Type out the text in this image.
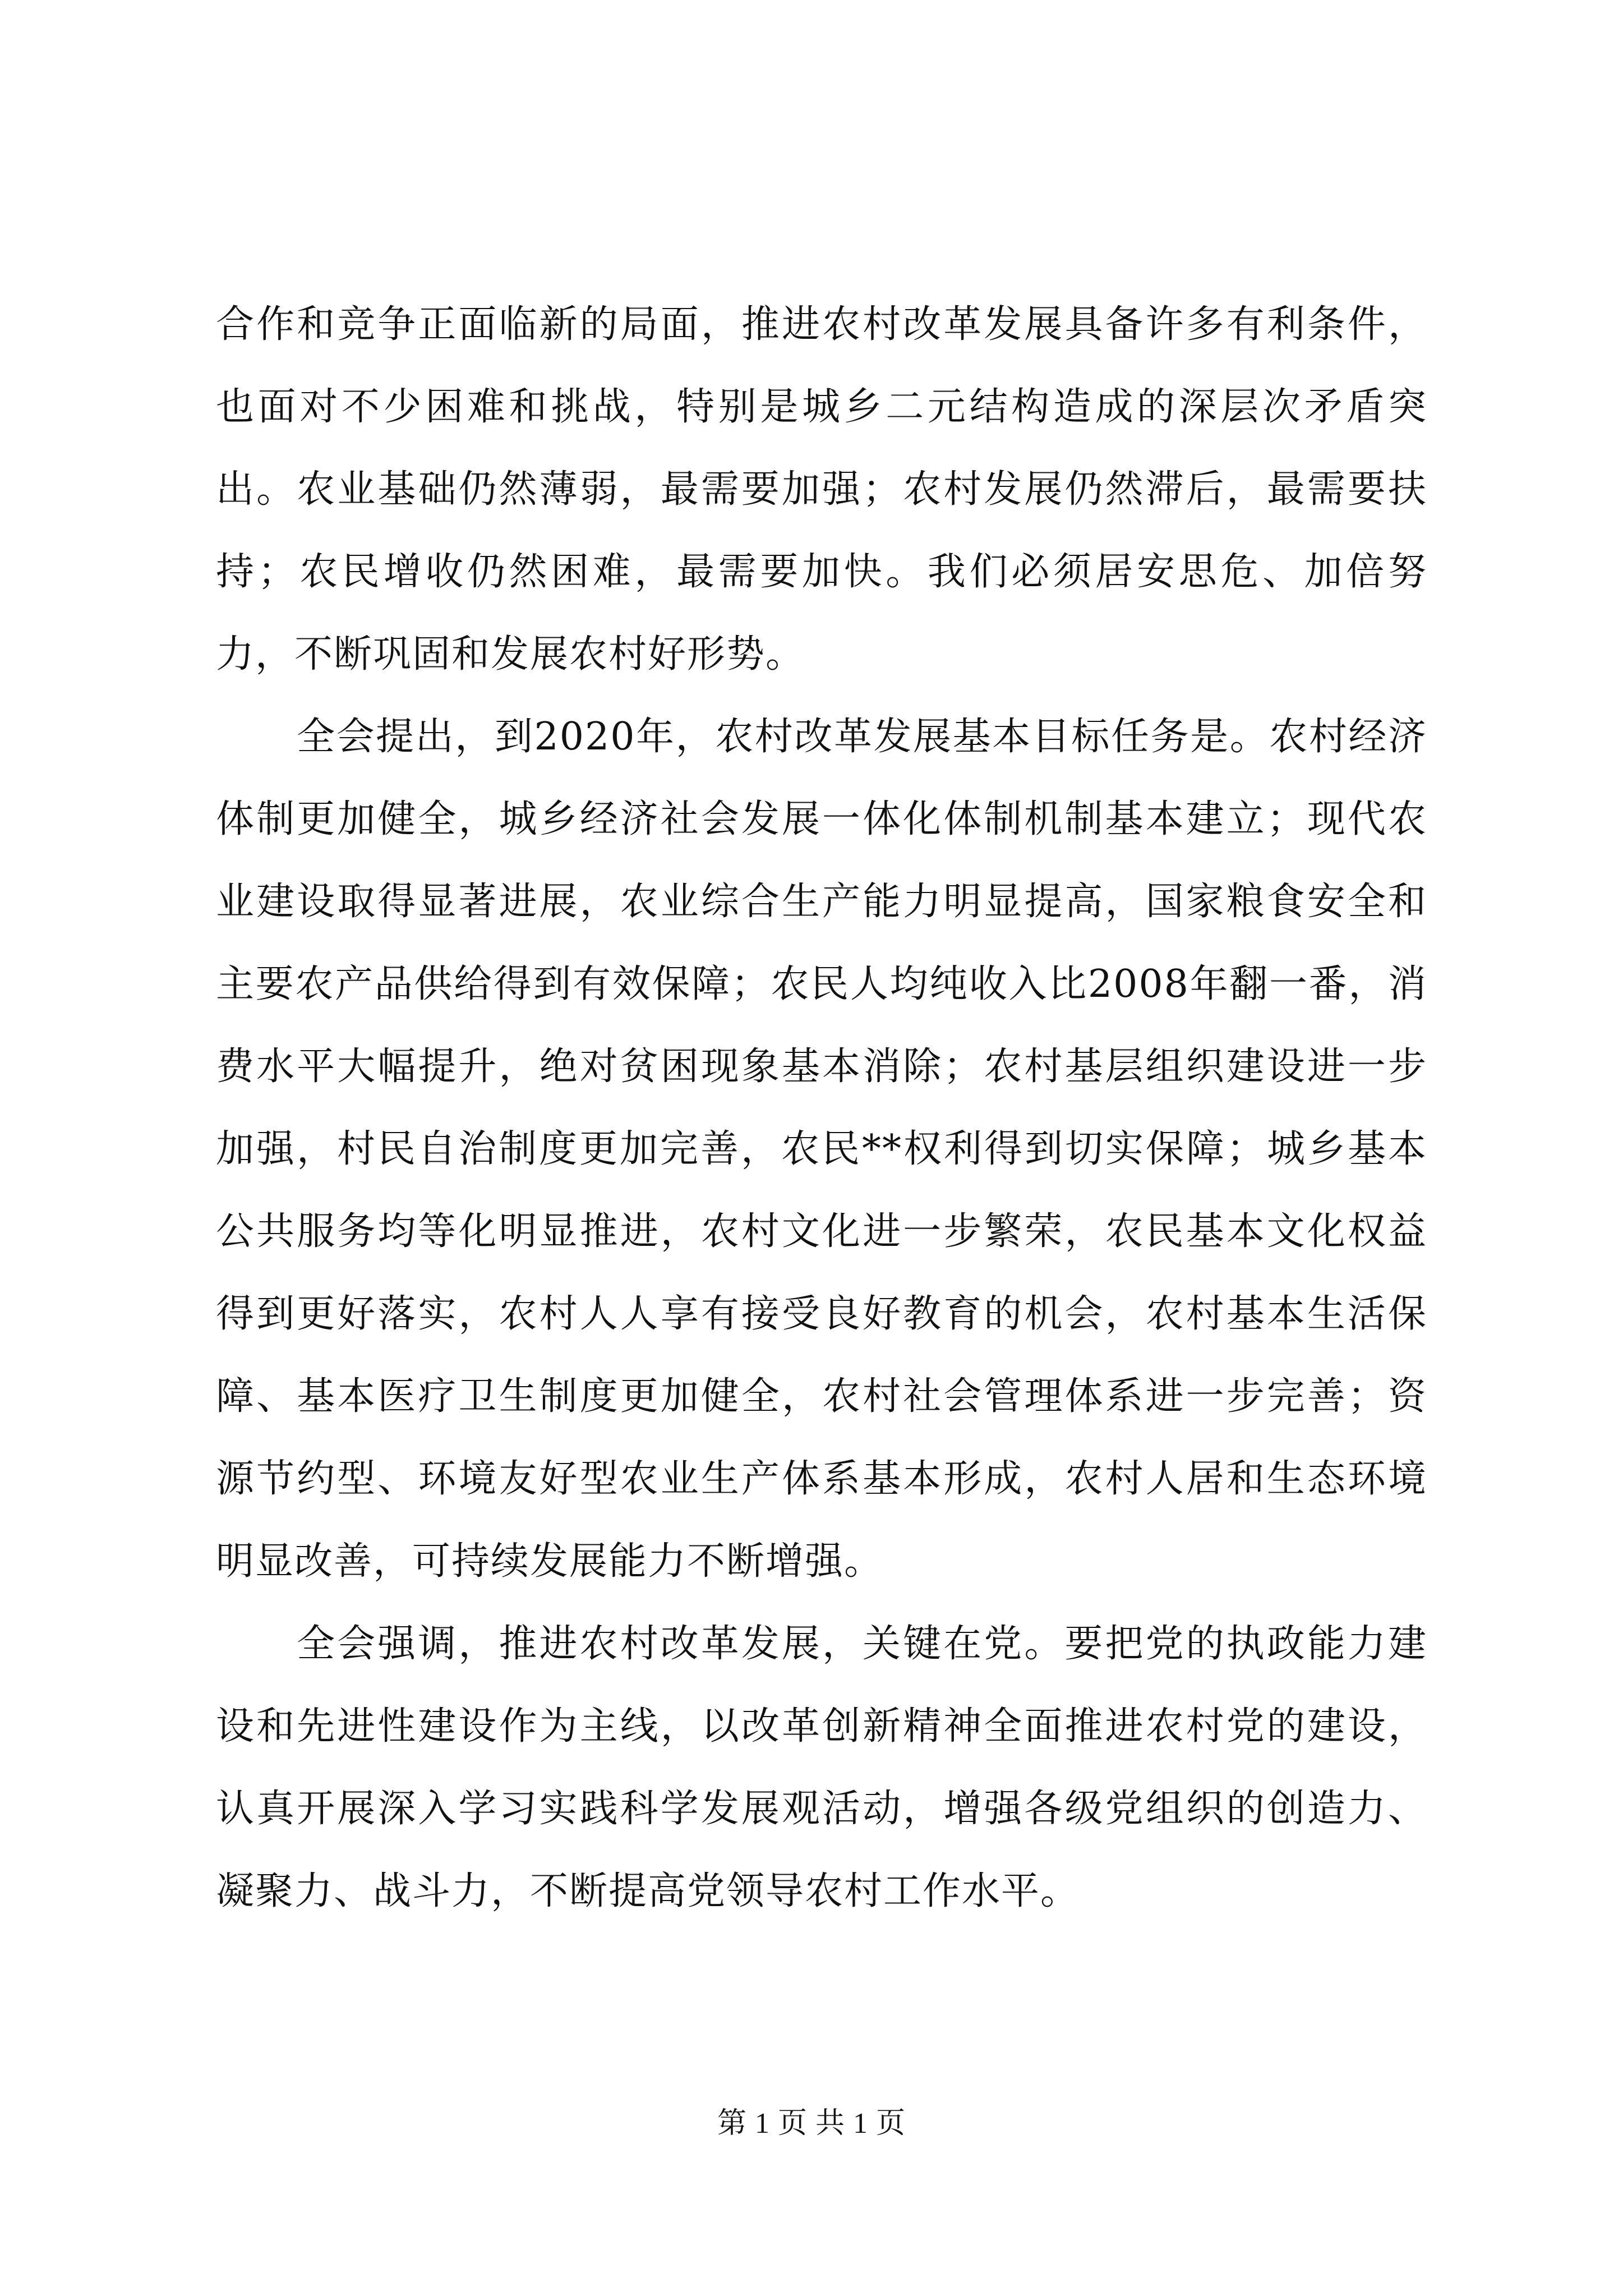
合作和竞争正面临新的局面，推进农村改革发展具备许多有利条件，也面对不少困难和挑战，特别是城乡二元结构造成的深层次矛盾突出。农业基础仍然薄弱，最需要加强；农村发展仍然滞后，最需要扶持；农民增收仍然困难，最需要加快。我们必须居安思危、加倍努力，不断巩固和发展农村好形势。

全会提出，到2020年，农村改革发展基本目标任务是。农村经济体制更加健全，城乡经济社会发展一体化体制机制基本建立；现代农业建设取得显著进展，农业综合生产能力明显提高，国家粮食安全和主要农产品供给得到有效保障；农民人均纯收入比2008年翻一番，消费水平大幅提升，绝对贫困现象基本消除；农村基层组织建设进一步加强，村民自治制度更加完善，农民**权利得到切实保障；城乡基本公共服务均等化明显推进，农村文化进一步繁荣，农民基本文化权益得到更好落实，农村人人享有接受良好教育的机会，农村基本生活保障、基本医疗卫生制度更加健全，农村社会管理体系进一步完善；资源节约型、环境友好型农业生产体系基本形成，农村人居和生态环境明显改善，可持续发展能力不断增强。

全会强调，推进农村改革发展，关键在党。要把党的执政能力建设和先进性建设作为主线，以改革创新精神全面推进农村党的建设，认真开展深入学习实践科学发展观活动，增强各级党组织的创造力、凝聚力、战斗力，不断提高党领导农村工作水平。

第 1 页 共 1 页
